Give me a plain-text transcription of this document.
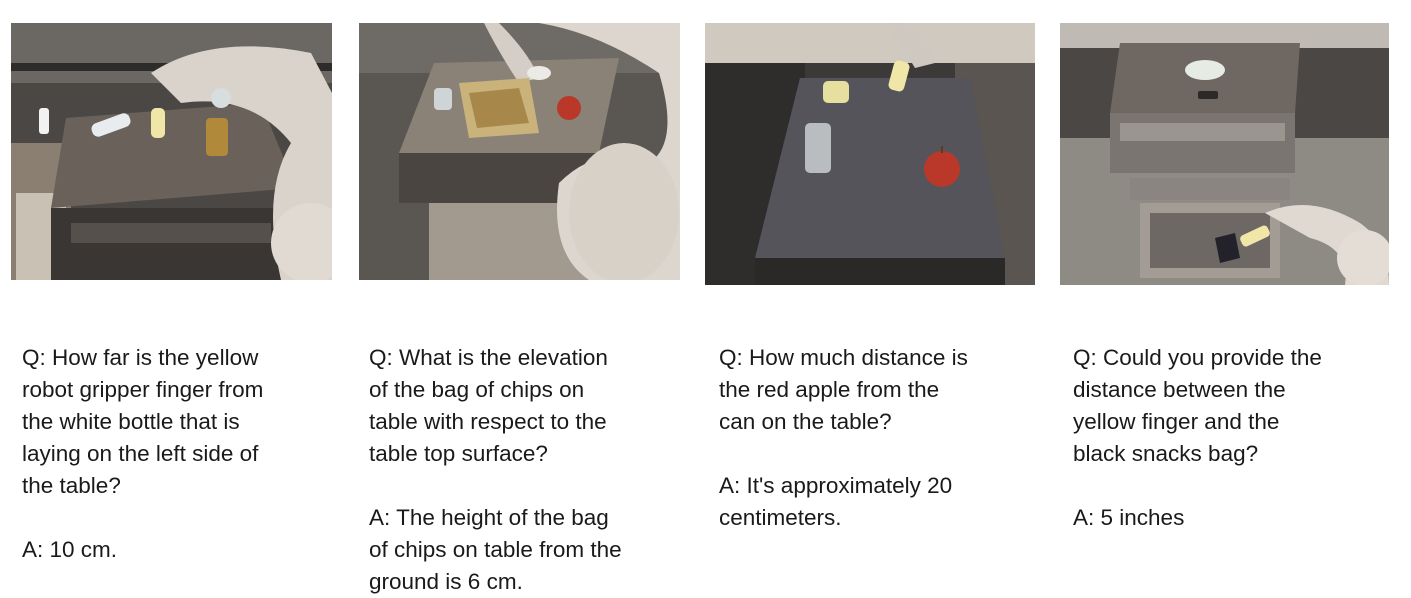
Q: How far is the yellow
robot gripper finger from
the white bottle that is
laying on the left side of
the table?

A: 10 cm.

Q: What is the elevation
of the bag of chips on
table with respect to the
table top surface?

A: The height of the bag
of chips on table from the
ground is 6 cm.

Q: How much distance is
the red apple from the
can on the table?

A: It's approximately 20
centimeters.

Q: Could you provide the
distance between the
yellow finger and the
black snacks bag?

A: 5 inches
